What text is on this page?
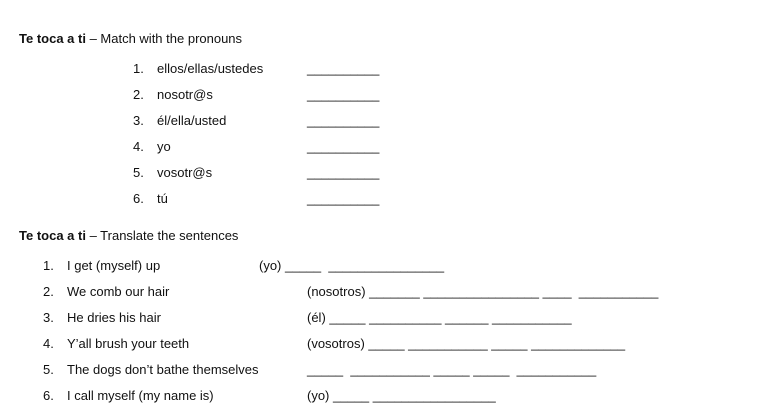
Te toca a ti – Match with the pronouns
1. ellos/ellas/ustedes	__________
2. nosotr@s	__________
3. él/ella/usted	__________
4. yo	__________
5. vosotr@s	__________
6. tú	__________
Te toca a ti – Translate the sentences
1. I get (myself) up	(yo) _____  ________________
2. We comb our hair	(nosotros) _______ ________________ ____  ___________
3. He dries his hair	(él) _____ __________ ______ ___________
4. Y’all brush your teeth	(vosotros) _____ ___________ _____ _____________
5. The dogs don’t bathe themselves	_____  ___________ _____ _____  ___________
6. I call myself (my name is)	(yo) _____ _________________
